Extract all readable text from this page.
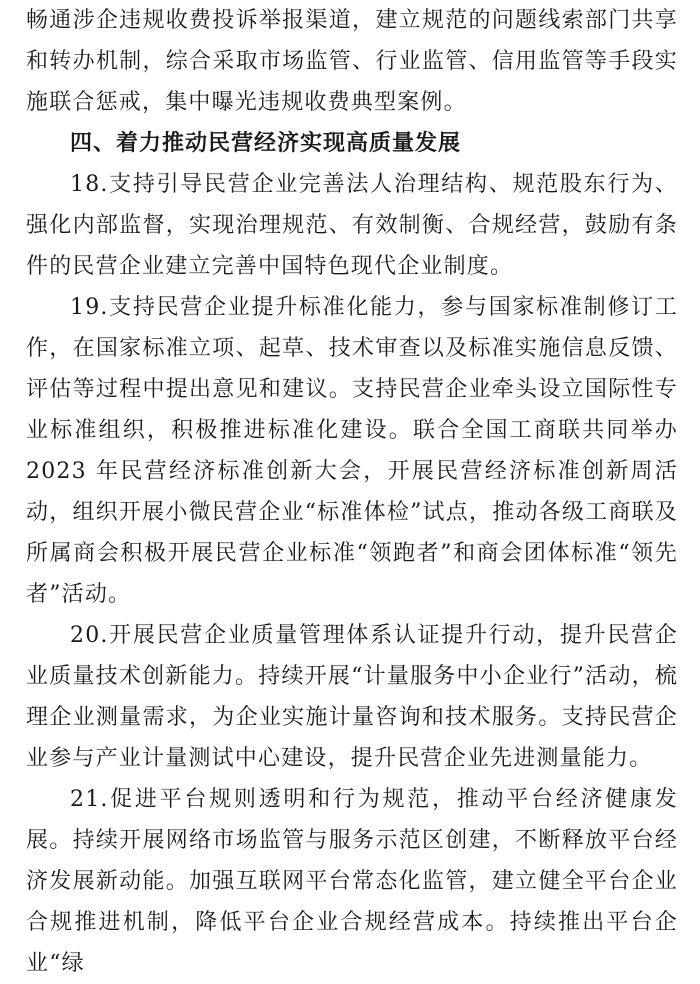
畅通涉企违规收费投诉举报渠道，建立规范的问题线索部门共享和转办机制，综合采取市场监管、行业监管、信用监管等手段实施联合惩戒，集中曝光违规收费典型案例。

四、着力推动民营经济实现高质量发展

18.支持引导民营企业完善法人治理结构、规范股东行为、强化内部监督，实现治理规范、有效制衡、合规经营，鼓励有条件的民营企业建立完善中国特色现代企业制度。

19.支持民营企业提升标准化能力，参与国家标准制修订工作，在国家标准立项、起草、技术审查以及标准实施信息反馈、评估等过程中提出意见和建议。支持民营企业牵头设立国际性专业标准组织，积极推进标准化建设。联合全国工商联共同举办 2023 年民营经济标准创新大会，开展民营经济标准创新周活动，组织开展小微民营企业“标准体检”试点，推动各级工商联及所属商会积极开展民营企业标准“领跑者”和商会团体标准“领先者”活动。

20.开展民营企业质量管理体系认证提升行动，提升民营企业质量技术创新能力。持续开展“计量服务中小企业行”活动，梳理企业测量需求，为企业实施计量咨询和技术服务。支持民营企业参与产业计量测试中心建设，提升民营企业先进测量能力。

21.促进平台规则透明和行为规范，推动平台经济健康发展。持续开展网络市场监管与服务示范区创建，不断释放平台经济发展新动能。加强互联网平台常态化监管，建立健全平台企业合规推进机制，降低平台企业合规经营成本。持续推出平台企业“绿
